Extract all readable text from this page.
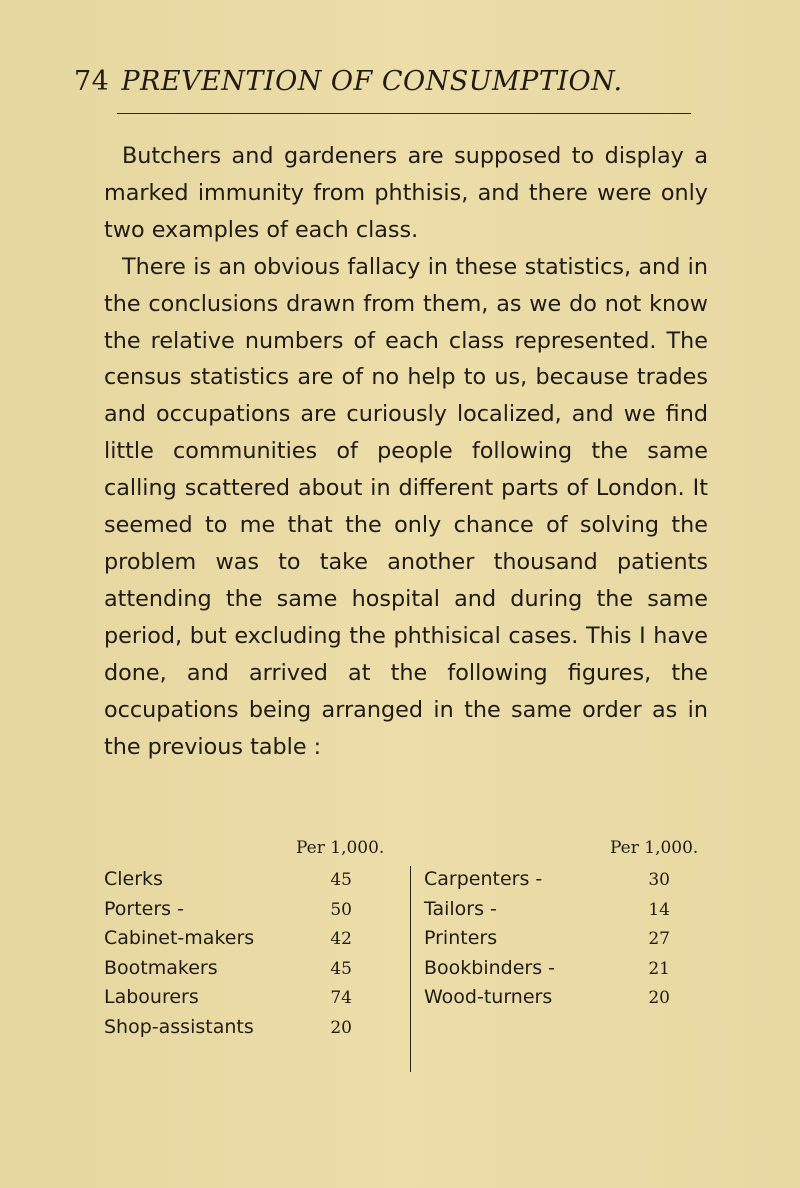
74 PREVENTION OF CONSUMPTION.

Butchers and gardeners are supposed to display a marked immunity from phthisis, and there were only two examples of each class.

There is an obvious fallacy in these statistics, and in the conclusions drawn from them, as we do not know the relative numbers of each class represented. The census statistics are of no help to us, because trades and occupations are curiously localized, and we find little communities of people following the same calling scattered about in different parts of London. It seemed to me that the only chance of solving the problem was to take another thousand patients attending the same hospital and during the same period, but excluding the phthisical cases. This I have done, and arrived at the following figures, the occupations being arranged in the same order as in the previous table :

Per 1,000.
Clerks	45
Porters -	50
Cabinet-makers	42
Bootmakers	45
Labourers	74
Shop-assistants	20
Per 1,000.
Carpenters -	30
Tailors -	14
Printers	27
Bookbinders -	21
Wood-turners	20
